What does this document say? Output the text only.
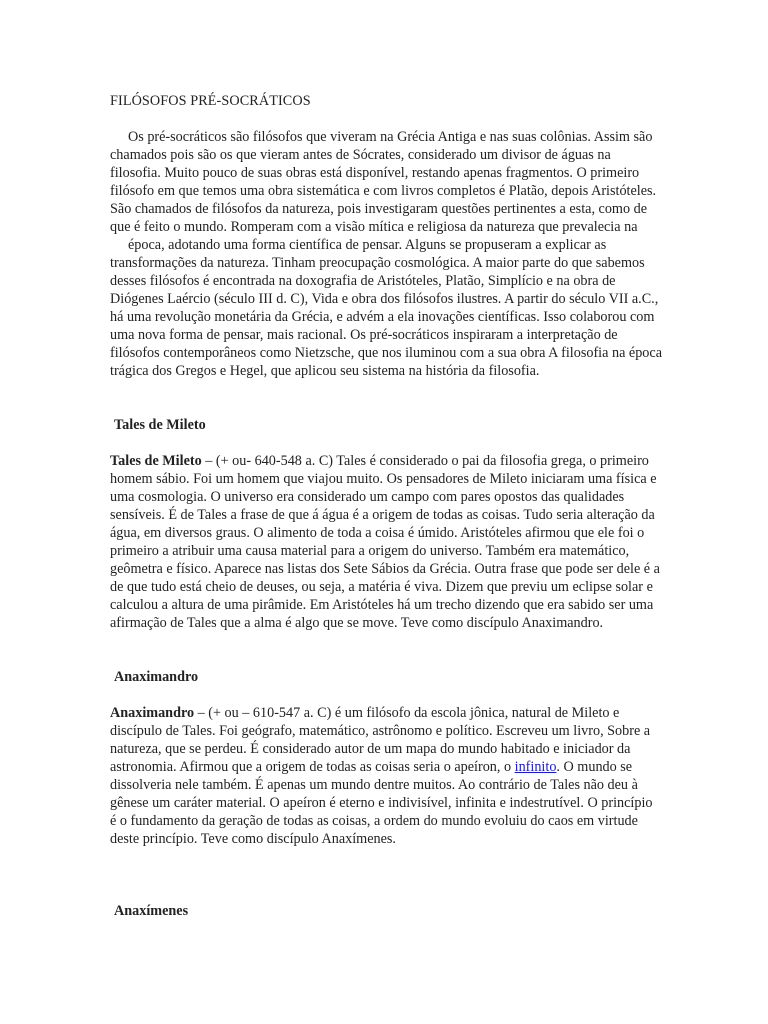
FILÓSOFOS PRÉ-SOCRÁTICOS

Os pré-socráticos são filósofos que viveram na Grécia Antiga e nas suas colônias. Assim são chamados pois são os que vieram antes de Sócrates, considerado um divisor de águas na filosofia. Muito pouco de suas obras está disponível, restando apenas fragmentos. O primeiro filósofo em que temos uma obra sistemática e com livros completos é Platão, depois Aristóteles. São chamados de filósofos da natureza, pois investigaram questões pertinentes a esta, como de que é feito o mundo. Romperam com a visão mítica e religiosa da natureza que prevalecia na

época, adotando uma forma científica de pensar. Alguns se propuseram a explicar as transformações da natureza. Tinham preocupação cosmológica. A maior parte do que sabemos desses filósofos é encontrada na doxografia de Aristóteles, Platão, Simplício e na obra de Diógenes Laércio (século III d. C), Vida e obra dos filósofos ilustres. A partir do século VII a.C., há uma revolução monetária da Grécia, e advém a ela inovações científicas. Isso colaborou com uma nova forma de pensar, mais racional. Os pré-socráticos inspiraram a interpretação de filósofos contemporâneos como Nietzsche, que nos iluminou com a sua obra A filosofia na época trágica dos Gregos e Hegel, que aplicou seu sistema na história da filosofia.

Tales de Mileto

Tales de Mileto – (+ ou- 640-548 a. C) Tales é considerado o pai da filosofia grega, o primeiro homem sábio. Foi um homem que viajou muito. Os pensadores de Mileto iniciaram uma física e uma cosmologia. O universo era considerado um campo com pares opostos das qualidades sensíveis. É de Tales a frase de que á água é a origem de todas as coisas. Tudo seria alteração da água, em diversos graus. O alimento de toda a coisa é úmido. Aristóteles afirmou que ele foi o primeiro a atribuir uma causa material para a origem do universo. Também era matemático, geômetra e físico. Aparece nas listas dos Sete Sábios da Grécia. Outra frase que pode ser dele é a de que tudo está cheio de deuses, ou seja, a matéria é viva. Dizem que previu um eclipse solar e calculou a altura de uma pirâmide. Em Aristóteles há um trecho dizendo que era sabido ser uma afirmação de Tales que a alma é algo que se move. Teve como discípulo Anaximandro.

Anaximandro

Anaximandro – (+ ou – 610-547 a. C) é um filósofo da escola jônica, natural de Mileto e discípulo de Tales. Foi geógrafo, matemático, astrônomo e político. Escreveu um livro, Sobre a natureza, que se perdeu. É considerado autor de um mapa do mundo habitado e iniciador da astronomia. Afirmou que a origem de todas as coisas seria o apeíron, o infinito. O mundo se dissolveria nele também. É apenas um mundo dentre muitos. Ao contrário de Tales não deu à gênese um caráter material. O apeíron é eterno e indivisível, infinita e indestrutível. O princípio é o fundamento da geração de todas as coisas, a ordem do mundo evoluiu do caos em virtude deste princípio. Teve como discípulo Anaxímenes.

Anaxímenes
